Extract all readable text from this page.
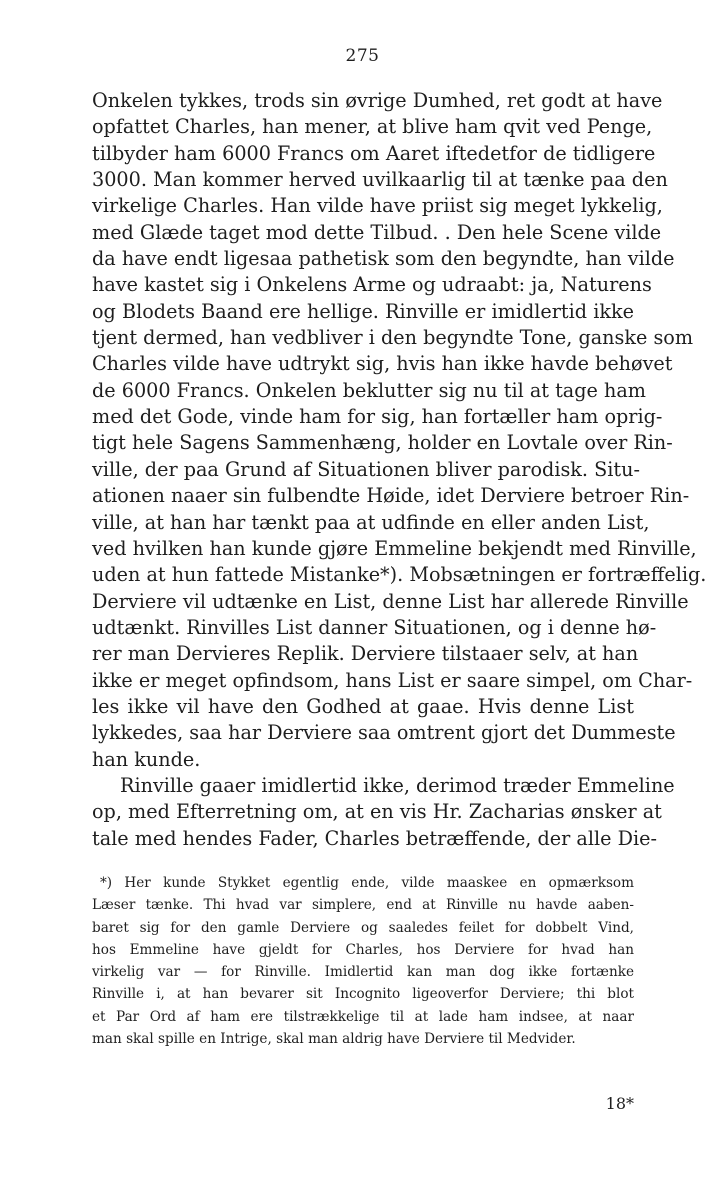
275
Onkelen tykkes, trods sin øvrige Dumhed, ret godt at have
opfattet Charles, han mener, at blive ham qvit ved Penge,
tilbyder ham 6000 Francs om Aaret iftedetfor de tidligere
3000. Man kommer herved uvilkaarlig til at tænke paa den
virkelige Charles. Han vilde have priist sig meget lykkelig,
med Glæde taget mod dette Tilbud. . Den hele Scene vilde
da have endt ligesaa pathetisk som den begyndte, han vilde
have kastet sig i Onkelens Arme og udraabt: ja, Naturens
og Blodets Baand ere hellige. Rinville er imidlertid ikke
tjent dermed, han vedbliver i den begyndte Tone, ganske som
Charles vilde have udtrykt sig, hvis han ikke havde behøvet
de 6000 Francs. Onkelen beklutter sig nu til at tage ham
med det Gode, vinde ham for sig, han fortæller ham oprig-
tigt hele Sagens Sammenhæng, holder en Lovtale over Rin-
ville, der paa Grund af Situationen bliver parodisk. Situ-
ationen naaer sin fulbendte Høide, idet Derviere betroer Rin-
ville, at han har tænkt paa at udfinde en eller anden List,
ved hvilken han kunde gjøre Emmeline bekjendt med Rinville,
uden at hun fattede Mistanke*). Mobsætningen er fortræffelig.
Derviere vil udtænke en List, denne List har allerede Rinville
udtænkt. Rinvilles List danner Situationen, og i denne hø-
rer man Dervieres Replik. Derviere tilstaaer selv, at han
ikke er meget opfindsom, hans List er saare simpel, om Char-
les ikke vil have den Godhed at gaae. Hvis denne List
lykkedes, saa har Derviere saa omtrent gjort det Dummeste
han kunde.
Rinville gaaer imidlertid ikke, derimod træder Emmeline
op, med Efterretning om, at en vis Hr. Zacharias ønsker at
tale med hendes Fader, Charles betræffende, der alle Die-
*) Her kunde Stykket egentlig ende, vilde maaskee en opmærksom
Læser tænke. Thi hvad var simplere, end at Rinville nu havde aaben-
baret sig for den gamle Derviere og saaledes feilet for dobbelt Vind,
hos Emmeline have gjeldt for Charles, hos Derviere for hvad han
virkelig var — for Rinville. Imidlertid kan man dog ikke fortænke
Rinville i, at han bevarer sit Incognito ligeoverfor Derviere; thi blot
et Par Ord af ham ere tilstrækkelige til at lade ham indsee, at naar
man skal spille en Intrige, skal man aldrig have Derviere til Medvider.
18*
